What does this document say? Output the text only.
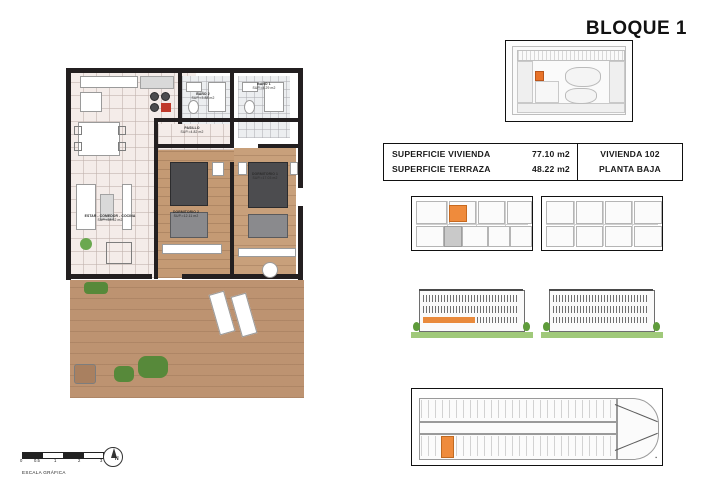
BLOQUE 1
SUPERFICIE VIVIENDA	77.10 m2
SUPERFICIE TERRAZA	48.22 m2
VIVIENDA 102
PLANTA BAJA
▪
ESTAR - COMEDOR - COCINA
SUP.=28.52 m2
DORMITORIO 2
SUP.=12.11 m2
DORMITORIO 1
SUP.=17.03 m2
PASILLO
SUP.=4.82 m2
BAÑO 2
SUP.=3.88 m2
BAÑO 1
SUP.=4.29 m2
0	0.5	1	2	3
ESCALA GRÁFICA
N
